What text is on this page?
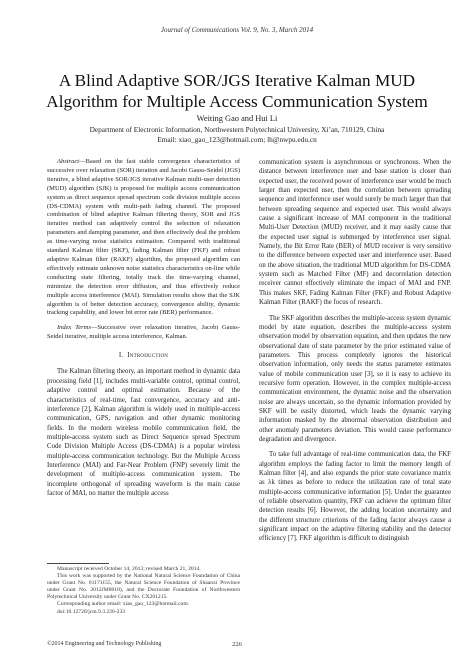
Journal of Communications Vol. 9, No. 3, March 2014
A Blind Adaptive SOR/JGS Iterative Kalman MUD Algorithm for Multiple Access Communication System
Weiting Gao and Hui Li
Department of Electronic Information, Northwestern Polytechnical University, Xi’an, 710129, China
Email: xiao_gao_123@hotmail.com; lh@nwpu.edu.cn

Abstract—Based on the fast stable convergence characteristics of successive over relaxation (SOR) iteration and Jacobi Gauss-Seidel (JGS) iterative, a blind adaptive SOR/JGS iterative Kalman multi-user detection (MUD) algorithm (SJK) is proposed for multiple access communication system as direct sequence spread spectrum code division multiple access (DS-CDMA) system with multi-path fading channel. The proposed combination of blind adaptive Kalman filtering theory, SOR and JGS iterative method can adaptively control the selection of relaxation parameters and damping parameter, and then effectively deal the problem as time-varying noise statistics estimation. Compared with traditional standard Kalman filter (SKF), fading Kalman filter (FKF) and robust adaptive Kalman filter (RAKF) algorithm, the proposed algorithm can effectively estimate unknown noise statistics characteristics on-line while conducting state filtering, totally track the time-varying channel, minimize the detection error diffusion, and thus effectively reduce multiple access interference (MAI). Simulation results show that the SJK algorithm is of better detection accuracy, convergence ability, dynamic tracking capability, and lower bit error rate (BER) performance.

Index Terms—Successive over relaxation iterative, Jacobi Gauss-Seidel iterative, multiple access interference, Kalman.

I. Introduction

The Kalman filtering theory, an important method in dynamic data processing field [1], includes multi-variable control, optimal control, adaptive control and optimal estimation. Because of the characteristics of real-time, fast convergence, accuracy and anti-interference [2], Kalman algorithm is widely used in multiple-access communication, GPS, navigation and other dynamic monitoring fields. In the modern wireless mobile communication field, the multiple-access system such as Direct Sequence spread Spectrum Code Division Multiple Access (DS-CDMA) is a popular wireless multiple-access communication technology. But the Multiple Access Interference (MAI) and Far-Near Problem (FNP) severely limit the development of multiple-access communication system. The incomplete orthogonal of spreading waveform is the main cause factor of MAI, no matter the multiple access

communication system is asynchronous or synchronous. When the distance between interference user and base station is closer than expected user, the received power of interference user would be much larger than expected user, then the correlation between spreading sequence and interference user would surely be much larger than that between spreading sequence and expected user. This would always cause a significant increase of MAI component in the traditional Multi-User Detection (MUD) receiver, and it may easily cause that the expected user signal is submerged by interference user signal. Namely, the Bit Error Rate (BER) of MUD receiver is very sensitive to the difference between expected user and interference user. Based on the above situation, the traditional MUD algorithm for DS-CDMA system such as Matched Filter (MF) and decorrelation detection receiver cannot effectively eliminate the impact of MAI and FNP. This makes SKF, Fading Kalman Filter (FKF) and Robust Adaptive Kalman Filter (RAKF) the focus of research.

The SKF algorithm describes the multiple-access system dynamic model by state equation, describes the multiple-access system observation model by observation equation, and then updates the new observational date of state parameter by the prior estimated value of parameters. This process completely ignores the historical observation information, only needs the status parameter estimates value of mobile communication user [3], so it is easy to achieve its recursive form operation. However, in the complex multiple-access communication environment, the dynamic noise and the observation noise are always uncertain, so the dynamic information provided by SKF will be easily distorted, which leads the dynamic varying information masked by the abnormal observation distribution and other anomaly parameters deviation. This would cause performance degradation and divergence.

To take full advantage of real-time communication data, the FKF algorithm employs the fading factor to limit the memory length of Kalman filter [4], and also expands the prior state covariance matrix as λk times as before to reduce the utilization rate of total state multiple-access communicative information [5]. Under the guarantee of reliable observation quantity, FKF can achieve the optimum filter detection results [6]. However, the adding location uncertainty and the different structure criterions of the fading factor always cause a significant impact on the adaptive filtering stability and the detector efficiency [7]. FKF algorithm is difficult to distinguish

Manuscript received October 14, 2013; revised March 21, 2014.

This work was supported by the National Natural Science Foundation of China under Grant No. 61171155, the Natural Science Foundation of Shaanxi Province under Grant No. 2012JM8010), and the Doctorate Foundation of Northwestern Polytechnical University under Grant No. CX201215.

Corresponding author email: xiao_gao_123@hotmail.com.

doi:10.12720/jcm.9.3.226-233

©2014 Engineering and Technology Publishing	226
